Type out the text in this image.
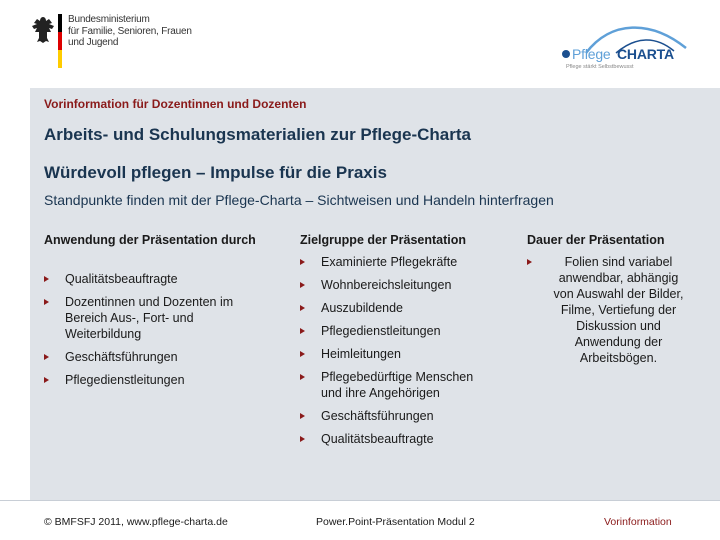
Bundesministerium
für Familie, Senioren, Frauen
und Jugend
Pflege CHARTA
Pflege stärkt Selbstbewusst
Vorinformation für Dozentinnen und Dozenten
Arbeits- und Schulungsmaterialien zur Pflege-Charta
Würdevoll pflegen – Impulse für die Praxis
Standpunkte finden mit der Pflege-Charta – Sichtweisen und Handeln hinterfragen
Anwendung der Präsentation durch
Qualitätsbeauftragte
Dozentinnen und Dozenten im Bereich Aus-, Fort- und Weiterbildung
Geschäftsführungen
Pflegedienstleitungen
Zielgruppe der Präsentation
Examinierte Pflegekräfte
Wohnbereichsleitungen
Auszubildende
Pflegedienstleitungen
Heimleitungen
Pflegebedürftige Menschen und ihre Angehörigen
Geschäftsführungen
Qualitätsbeauftragte
Dauer der Präsentation
Folien sind variabel anwendbar, abhängig von Auswahl der Bilder, Filme, Vertiefung der Diskussion und Anwendung der Arbeitsbögen.
© BMFSFJ 2011, www.pflege-charta.de	Power.Point-Präsentation Modul 2	Vorinformation
